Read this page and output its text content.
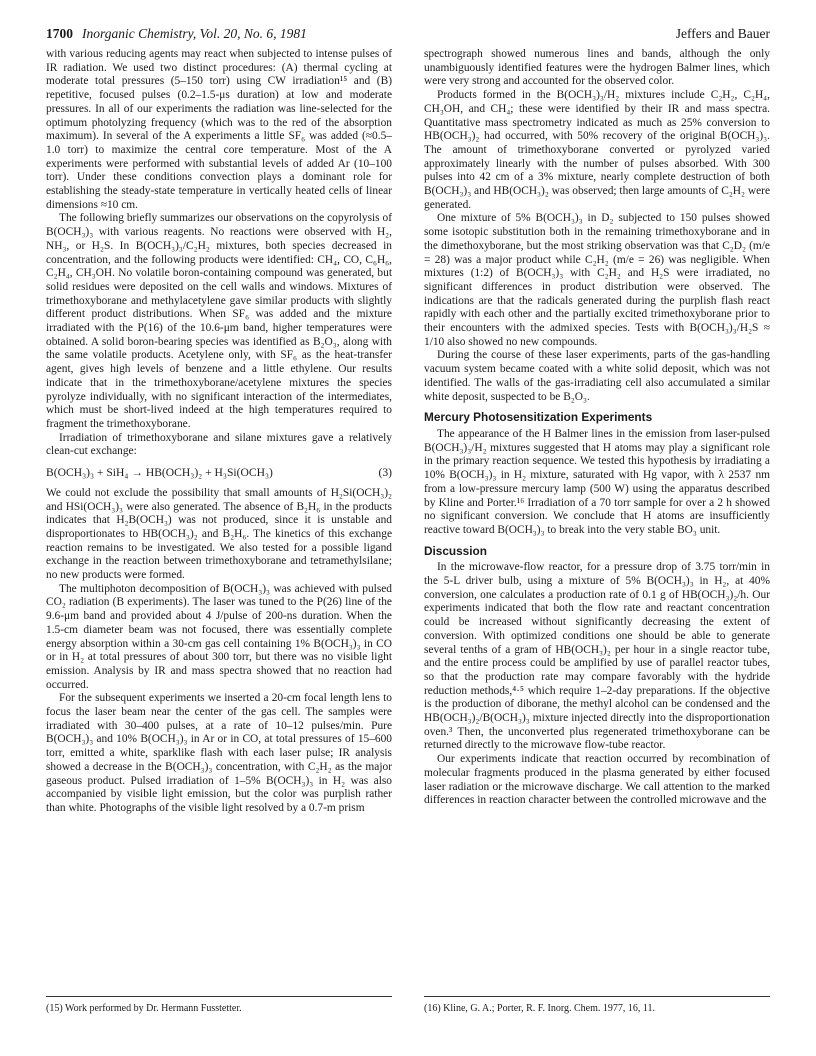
1700 Inorganic Chemistry, Vol. 20, No. 6, 1981	Jeffers and Bauer

with various reducing agents may react when subjected to intense pulses of IR radiation. We used two distinct procedures: (A) thermal cycling at moderate total pressures (5–150 torr) using CW irradiation¹⁵ and (B) repetitive, focused pulses (0.2–1.5-μs duration) at low and moderate pressures. In all of our experiments the radiation was line-selected for the optimum photolyzing frequency (which was to the red of the absorption maximum). In several of the A experiments a little SF₆ was added (≈0.5–1.0 torr) to maximize the central core temperature. Most of the A experiments were performed with substantial levels of added Ar (10–100 torr). Under these conditions convection plays a dominant role for establishing the steady-state temperature in vertically heated cells of linear dimensions ≈10 cm.

The following briefly summarizes our observations on the copyrolysis of B(OCH₃)₃ with various reagents. No reactions were observed with H₂, NH₃, or H₂S. In B(OCH₃)₃/C₂H₂ mixtures, both species decreased in concentration, and the following products were identified: CH₄, CO, C₆H₆, C₂H₄, CH₃OH. No volatile boron-containing compound was generated, but solid residues were deposited on the cell walls and windows. Mixtures of trimethoxyborane and methylacetylene gave similar products with slightly different product distributions. When SF₆ was added and the mixture irradiated with the P(16) of the 10.6-μm band, higher temperatures were obtained. A solid boron-bearing species was identified as B₂O₃, along with the same volatile products. Acetylene only, with SF₆ as the heat-transfer agent, gives high levels of benzene and a little ethylene. Our results indicate that in the trimethoxyborane/acetylene mixtures the species pyrolyze individually, with no significant interaction of the intermediates, which must be short-lived indeed at the high temperatures required to fragment the trimethoxyborane.

Irradiation of trimethoxyborane and silane mixtures gave a relatively clean-cut exchange:

B(OCH₃)₃ + SiH₄ → HB(OCH₃)₂ + H₃Si(OCH₃)	(3)

We could not exclude the possibility that small amounts of H₂Si(OCH₃)₂ and HSi(OCH₃)₃ were also generated. The absence of B₂H₆ in the products indicates that H₂B(OCH₃) was not produced, since it is unstable and disproportionates to HB(OCH₃)₂ and B₂H₆. The kinetics of this exchange reaction remains to be investigated. We also tested for a possible ligand exchange in the reaction between trimethoxyborane and tetramethylsilane; no new products were formed.

The multiphoton decomposition of B(OCH₃)₃ was achieved with pulsed CO₂ radiation (B experiments). The laser was tuned to the P(26) line of the 9.6-μm band and provided about 4 J/pulse of 200-ns duration. When the 1.5-cm diameter beam was not focused, there was essentially complete energy absorption within a 30-cm gas cell containing 1% B(OCH₃)₃ in CO or in H₂ at total pressures of about 300 torr, but there was no visible light emission. Analysis by IR and mass spectra showed that no reaction had occurred.

For the subsequent experiments we inserted a 20-cm focal length lens to focus the laser beam near the center of the gas cell. The samples were irradiated with 30–400 pulses, at a rate of 10–12 pulses/min. Pure B(OCH₃)₃ and 10% B(OCH₃)₃ in Ar or in CO, at total pressures of 15–600 torr, emitted a white, sparklike flash with each laser pulse; IR analysis showed a decrease in the B(OCH₃)₃ concentration, with C₂H₂ as the major gaseous product. Pulsed irradiation of 1–5% B(OCH₃)₃ in H₂ was also accompanied by visible light emission, but the color was purplish rather than white. Photographs of the visible light resolved by a 0.7-m prism

spectrograph showed numerous lines and bands, although the only unambiguously identified features were the hydrogen Balmer lines, which were very strong and accounted for the observed color.

Products formed in the B(OCH₃)₃/H₂ mixtures include C₂H₂, C₂H₄, CH₃OH, and CH₄; these were identified by their IR and mass spectra. Quantitative mass spectrometry indicated as much as 25% conversion to HB(OCH₃)₂ had occurred, with 50% recovery of the original B(OCH₃)₃. The amount of trimethoxyborane converted or pyrolyzed varied approximately linearly with the number of pulses absorbed. With 300 pulses into 42 cm of a 3% mixture, nearly complete destruction of both B(OCH₃)₃ and HB(OCH₃)₂ was observed; then large amounts of C₂H₂ were generated.

One mixture of 5% B(OCH₃)₃ in D₂ subjected to 150 pulses showed some isotopic substitution both in the remaining trimethoxyborane and in the dimethoxyborane, but the most striking observation was that C₂D₂ (m/e = 28) was a major product while C₂H₂ (m/e = 26) was negligible. When mixtures (1:2) of B(OCH₃)₃ with C₂H₂ and H₂S were irradiated, no significant differences in product distribution were observed. The indications are that the radicals generated during the purplish flash react rapidly with each other and the partially excited trimethoxyborane prior to their encounters with the admixed species. Tests with B(OCH₃)₃/H₂S ≈ 1/10 also showed no new compounds.

During the course of these laser experiments, parts of the gas-handling vacuum system became coated with a white solid deposit, which was not identified. The walls of the gas-irradiating cell also accumulated a similar white deposit, suspected to be B₂O₃.

Mercury Photosensitization Experiments

The appearance of the H Balmer lines in the emission from laser-pulsed B(OCH₃)₃/H₂ mixtures suggested that H atoms may play a significant role in the primary reaction sequence. We tested this hypothesis by irradiating a 10% B(OCH₃)₃ in H₂ mixture, saturated with Hg vapor, with λ 2537 nm from a low-pressure mercury lamp (500 W) using the apparatus described by Kline and Porter.¹⁶ Irradiation of a 70 torr sample for over a 2 h showed no significant conversion. We conclude that H atoms are insufficiently reactive toward B(OCH₃)₃ to break into the very stable BO₃ unit.

Discussion

In the microwave-flow reactor, for a pressure drop of 3.75 torr/min in the 5-L driver bulb, using a mixture of 5% B(OCH₃)₃ in H₂, at 40% conversion, one calculates a production rate of 0.1 g of HB(OCH₃)₂/h. Our experiments indicated that both the flow rate and reactant concentration could be increased without significantly decreasing the extent of conversion. With optimized conditions one should be able to generate several tenths of a gram of HB(OCH₃)₂ per hour in a single reactor tube, and the entire process could be amplified by use of parallel reactor tubes, so that the production rate may compare favorably with the hydride reduction methods,⁴·⁵ which require 1–2-day preparations. If the objective is the production of diborane, the methyl alcohol can be condensed and the HB(OCH₃)₂/B(OCH₃)₃ mixture injected directly into the disproportionation oven.³ Then, the unconverted plus regenerated trimethoxyborane can be returned directly to the microwave flow-tube reactor.

Our experiments indicate that reaction occurred by recombination of molecular fragments produced in the plasma generated by either focused laser radiation or the microwave discharge. We call attention to the marked differences in reaction character between the controlled microwave and the

(15) Work performed by Dr. Hermann Fusstetter.	(16) Kline, G. A.; Porter, R. F. Inorg. Chem. 1977, 16, 11.
